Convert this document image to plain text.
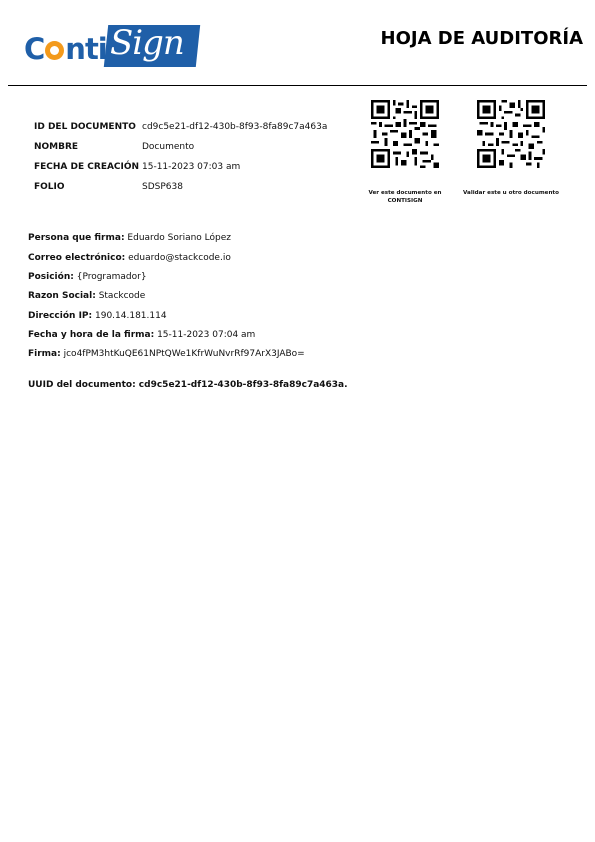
C nti Sign	HOJA DE AUDITORÍA
ID DEL DOCUMENTO cd9c5e21-df12-430b-8f93-8fa89c7a463a
NOMBRE	Documento
FECHA DE CREACIÓN 15-11-2023 07:03 am
FOLIO	SDSP638
Ver este documento en CONTISIGN
Validar este u otro documento
Persona que firma: Eduardo Soriano López
Correo electrónico: eduardo@stackcode.io
Posición: {Programador}
Razon Social: Stackcode
Dirección IP: 190.14.181.114
Fecha y hora de la firma: 15-11-2023 07:04 am
Firma: jco4fPM3htKuQE61NPtQWe1KfrWuNvrRf97ArX3JABo=
UUID del documento: cd9c5e21-df12-430b-8f93-8fa89c7a463a.
